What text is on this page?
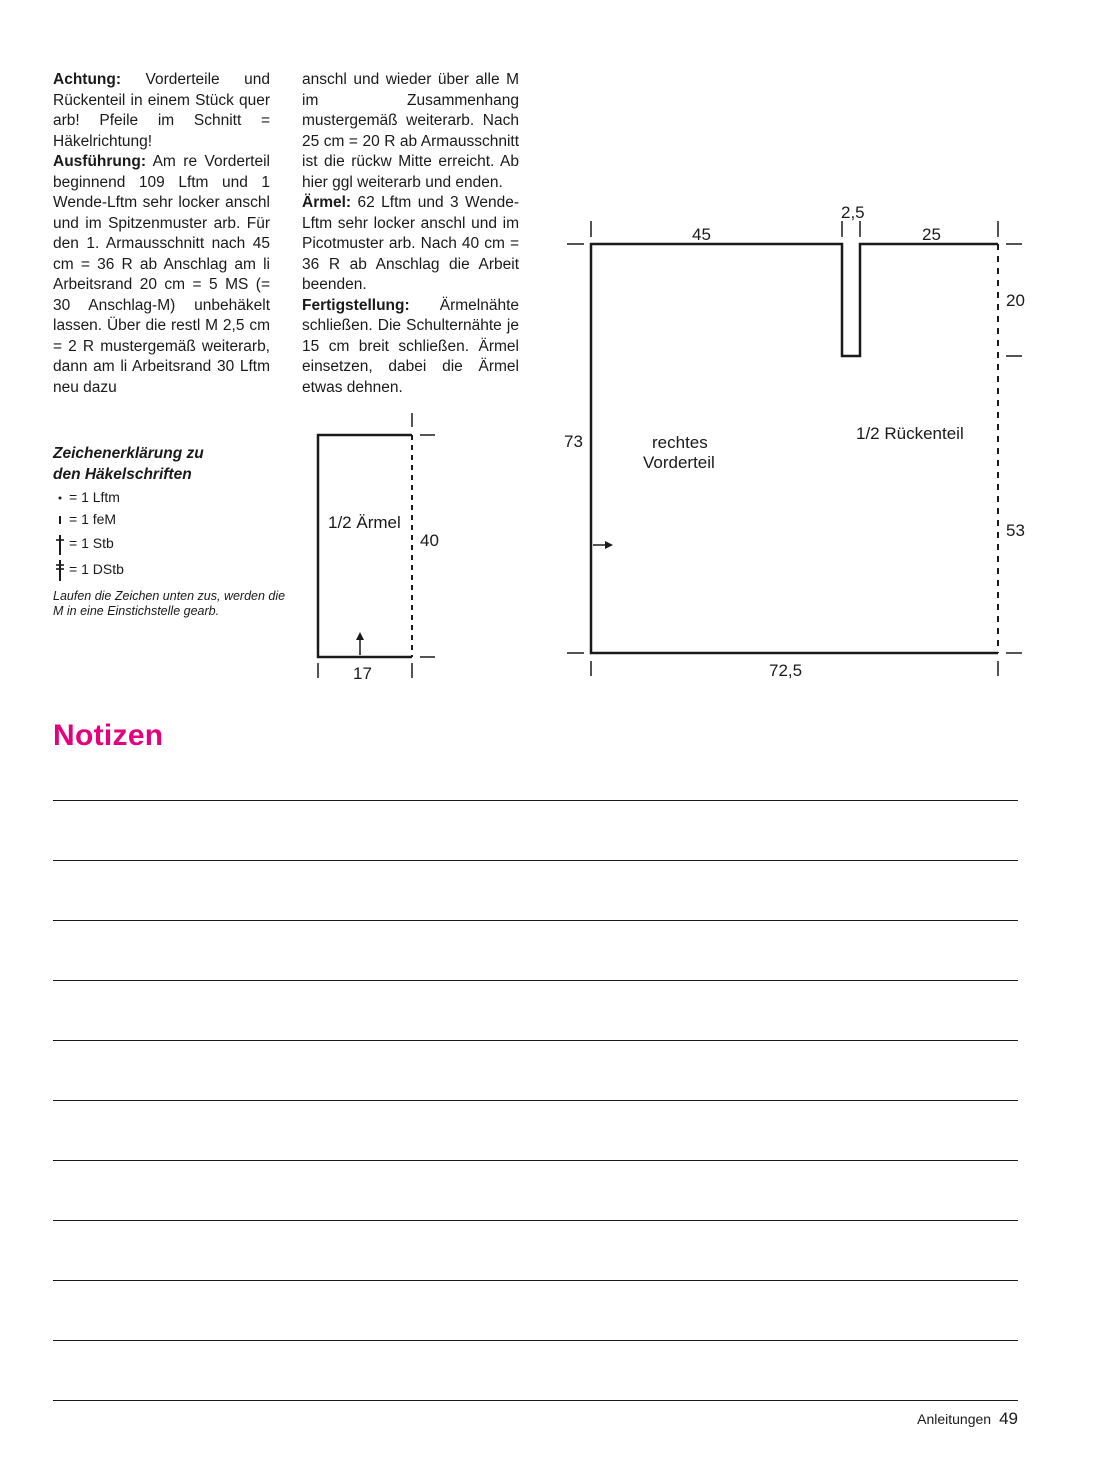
Achtung: Vorderteile und Rückenteil in einem Stück quer arb! Pfeile im Schnitt = Häkelrichtung!

Ausführung: Am re Vorderteil beginnend 109 Lftm und 1 Wende-Lftm sehr locker anschl und im Spitzenmuster arb. Für den 1. Armausschnitt nach 45 cm = 36 R ab Anschlag am li Arbeitsrand 20 cm = 5 MS (= 30 Anschlag-M) unbehäkelt lassen. Über die restl M 2,5 cm = 2 R mustergemäß weiterarb, dann am li Arbeitsrand 30 Lftm neu dazu

anschl und wieder über alle M im Zusammenhang mustergemäß weiterarb. Nach 25 cm = 20 R ab Armausschnitt ist die rückw Mitte erreicht. Ab hier ggl weiterarb und enden.

Ärmel: 62 Lftm und 3 Wende-Lftm sehr locker anschl und im Picotmuster arb. Nach 40 cm = 36 R ab Anschlag die Arbeit beenden.

Fertigstellung: Ärmelnähte schließen. Die Schulternähte je 15 cm breit schließen. Ärmel einsetzen, dabei die Ärmel etwas dehnen.

Zeichenerklärung zu
den Häkelschriften
= 1 Lftm
= 1 feM
= 1 Stb
= 1 DStb
Laufen die Zeichen unten zus, werden die M in eine Einstichstelle gearb.
1/2 Ärmel
40
17
45
2,5
25
20
73
53
72,5
rechtes
Vorderteil
1/2 Rückenteil
Notizen
Anleitungen 49
